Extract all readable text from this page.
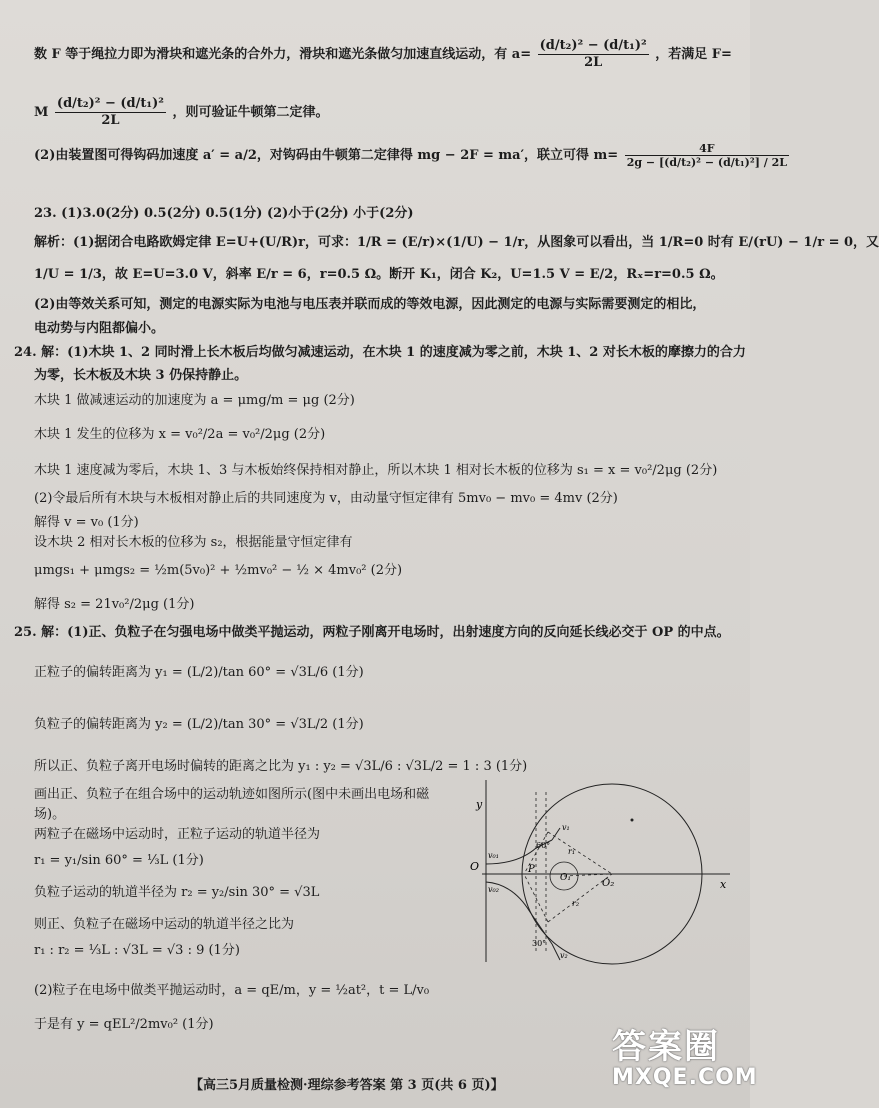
数 F 等于绳拉力即为滑块和遮光条的合外力，滑块和遮光条做匀加速直线运动，有 $a= \frac{\text{(d/t₂)² − (d/t₁)²}}{2L}$ ，若满足 F=
M $\frac{\text{(d/t₂)² − (d/t₁)²}}{2L}$ ，则可验证牛顿第二定律。
(2)由装置图可得钩码加速度 a′ = a/2，对钩码由牛顿第二定律得 mg − 2F = ma′，联立可得 $m= \frac{4F}{\text{2g − [(d/t₂)² − (d/t₁)²] / 2L}}$
23. (1)3.0(2分) 0.5(2分) 0.5(1分) (2)小于(2分) 小于(2分)
解析：(1)据闭合电路欧姆定律 E=U+(U/R)r，可求：1/R = (E/r)×(1/U) − 1/r，从图象可以看出，当 1/R=0 时有 E/(rU) − 1/r = 0，又
1/U = 1/3，故 E=U=3.0 V，斜率 E/r = 6，r=0.5 Ω。断开 K₁，闭合 K₂，U=1.5 V = E/2，Rₓ=r=0.5 Ω。
(2)由等效关系可知，测定的电源实际为电池与电压表并联而成的等效电源，因此测定的电源与实际需要测定的相比，
电动势与内阻都偏小。
24. 解：(1)木块 1、2 同时滑上长木板后均做匀减速运动，在木块 1 的速度减为零之前，木块 1、2 对长木板的摩擦力的合力
为零，长木板及木块 3 仍保持静止。
木块 1 做减速运动的加速度为 a = μmg/m = μg (2分)
木块 1 发生的位移为 x = v₀²/2a = v₀²/2μg (2分)
木块 1 速度减为零后，木块 1、3 与木板始终保持相对静止，所以木块 1 相对长木板的位移为 s₁ = x = v₀²/2μg (2分)
(2)令最后所有木块与木板相对静止后的共同速度为 v，由动量守恒定律有 5mv₀ − mv₀ = 4mv (2分)
解得 v = v₀ (1分)
设木块 2 相对长木板的位移为 s₂，根据能量守恒定律有
μmgs₁ + μmgs₂ = ½m(5v₀)² + ½mv₀² − ½ × 4mv₀² (2分)
解得 s₂ = 21v₀²/2μg (1分)
25. 解：(1)正、负粒子在匀强电场中做类平抛运动，两粒子刚离开电场时，出射速度方向的反向延长线必交于 OP 的中点。
正粒子的偏转距离为 y₁ = (L/2)/tan 60° = √3L/6 (1分)
负粒子的偏转距离为 y₂ = (L/2)/tan 30° = √3L/2 (1分)
所以正、负粒子离开电场时偏转的距离之比为 y₁ : y₂ = √3L/6 : √3L/2 = 1 : 3 (1分)
画出正、负粒子在组合场中的运动轨迹如图所示(图中未画出电场和磁
场)。
两粒子在磁场中运动时，正粒子运动的轨道半径为
r₁ = y₁/sin 60° = ⅓L (1分)
负粒子运动的轨道半径为 r₂ = y₂/sin 30° = √3L
则正、负粒子在磁场中运动的轨道半径之比为
r₁ : r₂ = ⅓L : √3L = √3 : 9 (1分)
(2)粒子在电场中做类平抛运动时，a = qE/m，y = ½at²，t = L/v₀
于是有 y = qEL²/2mv₀² (1分)
y
x
O
O₁	O₂
P
v₀₁
v₀₂
v₁
v₂
r₁
r₂
60°
30°
【高三5月质量检测·理综参考答案 第 3 页(共 6 页)】
答案圈
MXQE.COM
